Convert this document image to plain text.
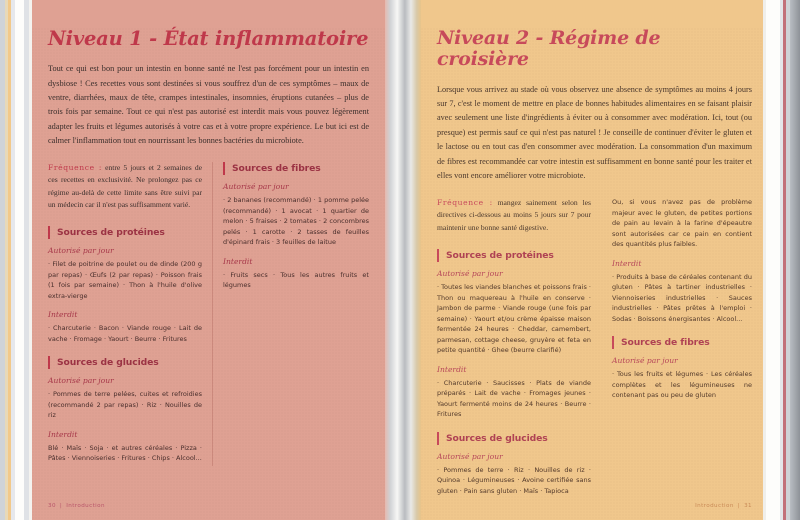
Niveau 1 - État inflammatoire

Tout ce qui est bon pour un intestin en bonne santé ne l'est pas forcément pour un intestin en dysbiose ! Ces recettes vous sont destinées si vous souffrez d'un de ces symptômes – maux de ventre, diarrhées, maux de tête, crampes intestinales, insomnies, éruptions cutanées – plus de trois fois par semaine. Tout ce qui n'est pas autorisé est interdit mais vous pouvez légèrement adapter les fruits et légumes autorisés à votre cas et à votre propre expérience. Le but ici est de calmer l'inflammation tout en nourrissant les bonnes bactéries du microbiote.

Fréquence : entre 5 jours et 2 semaines de ces recettes en exclusivité. Ne prolongez pas ce régime au-delà de cette limite sans être suivi par un médecin car il n'est pas suffisamment varié.

Sources de protéines
Autorisé par jour

· Filet de poitrine de poulet ou de dinde (200 g par repas) · Œufs (2 par repas) · Poisson frais (1 fois par semaine) · Thon à l'huile d'olive extra-vierge

Interdit

· Charcuterie · Bacon · Viande rouge · Lait de vache · Fromage · Yaourt · Beurre · Fritures

Sources de glucides
Autorisé par jour

· Pommes de terre pelées, cuites et refroidies (recommandé 2 par repas) · Riz · Nouilles de riz

Interdit

Blé · Maïs · Soja · et autres céréales · Pizza · Pâtes · Viennoiseries · Fritures · Chips · Alcool...

Sources de fibres
Autorisé par jour

· 2 bananes (recommandé) · 1 pomme pelée (recommandé) · 1 avocat · 1 quartier de melon · 5 fraises · 2 tomates · 2 concombres pelés · 1 carotte · 2 tasses de feuilles d'épinard frais · 3 feuilles de laitue

Interdit

· Fruits secs · Tous les autres fruits et légumes

30 | Introduction
Niveau 2 - Régime de croisière

Lorsque vous arrivez au stade où vous observez une absence de symptômes au moins 4 jours sur 7, c'est le moment de mettre en place de bonnes habitudes alimentaires en se faisant plaisir avec seulement une liste d'ingrédients à éviter ou à consommer avec modération. Ici, tout (ou presque) est permis sauf ce qui n'est pas naturel ! Je conseille de continuer d'éviter le gluten et le lactose ou en tout cas d'en consommer avec modération. La consommation d'un maximum de fibres est recommandée car votre intestin est suffisamment en bonne santé pour les traiter et elles vont encore améliorer votre microbiote.

Fréquence : mangez sainement selon les directives ci-dessous au moins 5 jours sur 7 pour maintenir une bonne santé digestive.

Sources de protéines
Autorisé par jour

· Toutes les viandes blanches et poissons frais · Thon ou maquereau à l'huile en conserve · Jambon de parme · Viande rouge (une fois par semaine) · Yaourt et/ou crème épaisse maison fermentée 24 heures · Cheddar, camembert, parmesan, cottage cheese, gruyère et feta en petite quantité · Ghee (beurre clarifié)

Interdit

· Charcuterie · Saucisses · Plats de viande préparés · Lait de vache · Fromages jeunes · Yaourt fermenté moins de 24 heures · Beurre · Fritures

Sources de glucides
Autorisé par jour

· Pommes de terre · Riz · Nouilles de riz · Quinoa · Légumineuses · Avoine certifiée sans gluten · Pain sans gluten · Maïs · Tapioca

Ou, si vous n'avez pas de problème majeur avec le gluten, de petites portions de pain au levain à la farine d'épeautre sont autorisées car ce pain en contient des quantités plus faibles.

Interdit

· Produits à base de céréales contenant du gluten · Pâtes à tartiner industrielles · Viennoiseries industrielles · Sauces industrielles · Pâtes prêtes à l'emploi · Sodas · Boissons énergisantes · Alcool...

Sources de fibres
Autorisé par jour

· Tous les fruits et légumes · Les céréales complètes et les légumineuses ne contenant pas ou peu de gluten

Introduction | 31
